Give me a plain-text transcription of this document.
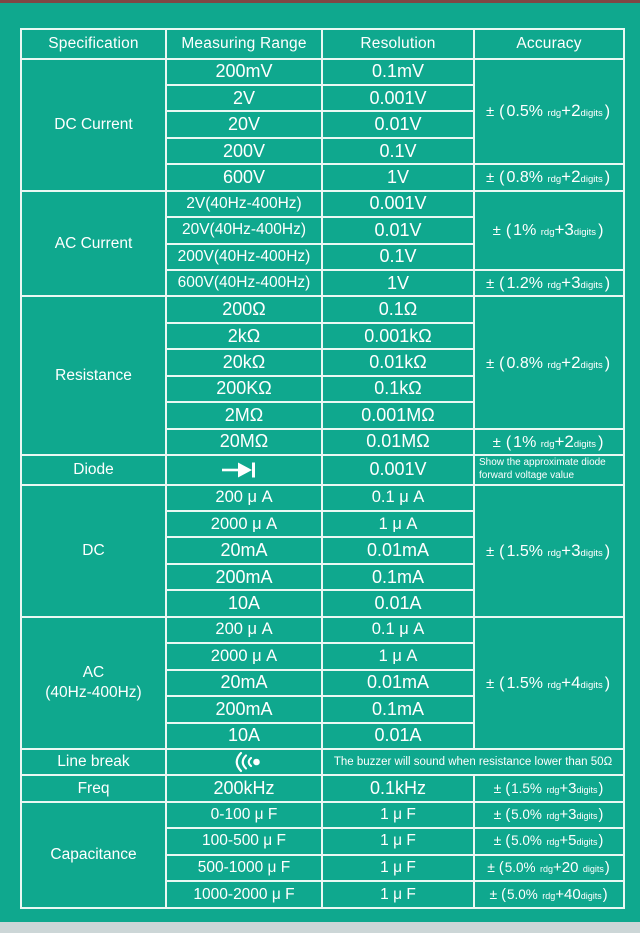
Specification	Measuring Range	Resolution	Accuracy
DC Current	200mV	0.1mV	± ( 0.5% rdg+2digits )
	2V	0.001V	
	20V	0.01V	
	200V	0.1V	
	600V	1V	± ( 0.8% rdg+2digits )
AC Current	2V(40Hz-400Hz)	0.001V	± ( 1% rdg+3digits )
	20V(40Hz-400Hz)	0.01V	
	200V(40Hz-400Hz)	0.1V	
	600V(40Hz-400Hz)	1V	± ( 1.2% rdg+3digits )
Resistance	200Ω	0.1Ω	± ( 0.8% rdg+2digits )
	2kΩ	0.001kΩ	
	20kΩ	0.01kΩ	
	200KΩ	0.1kΩ	
	2MΩ	0.001MΩ	
	20MΩ	0.01MΩ	± ( 1% rdg+2digits )
Diode		0.001V	Show the approximate diode
forward voltage value

DC	200 μ A	0.1 μ A	± ( 1.5% rdg+3digits )
	2000 μ A	1 μ A	
	20mA	0.01mA	
	200mA	0.1mA	
	10A	0.01A	

AC
(40Hz-400Hz)	200 μ A	0.1 μ A	± ( 1.5% rdg+4digits )
	2000 μ A	1 μ A	
	20mA	0.01mA	
	200mA	0.1mA	
	10A	0.01A	
Line break		The buzzer will sound when resistance lower than 50Ω	
Freq	200kHz	0.1kHz	± (1.5% rdg+3digits)
Capacitance	0-100 μ F	1 μ F	± (5.0% rdg+3digits)
	100-500 μ F	1 μ F	± (5.0% rdg+5digits)
	500-1000 μ F	1 μ F	± (5.0% rdg+20 digits)
	1000-2000 μ F	1 μ F	± (5.0% rdg+40digits)
